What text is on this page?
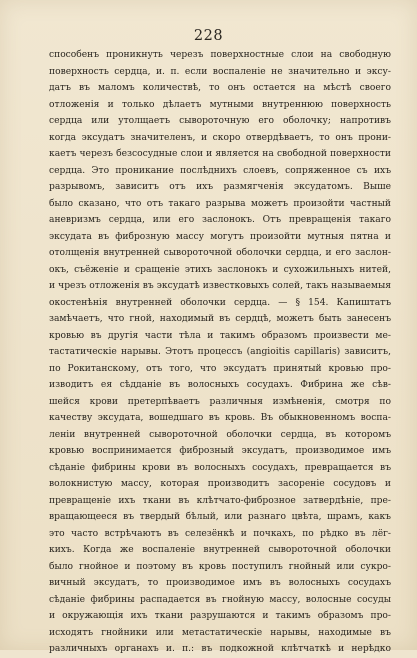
228
способенъ проникнуть черезъ поверхностные слои на свободную
поверхность сердца, и. п. если воспаленіе не значительно и эксу-
датъ въ маломъ количествѣ, то онъ остается на мѣстѣ своего
отложенія и только дѣлаетъ мутными внутреннюю поверхность
сердца или утолщаетъ сывороточную его оболочку; напротивъ
когда эксудатъ значителенъ, и скоро отвердѣваетъ, то онъ прони-
каетъ черезъ безсосудные слои и является на свободной поверхности
сердца. Это проникание послѣднихъ слоевъ, сопряженное съ ихъ
разрывомъ, зависитъ отъ ихъ размягченія эксудатомъ. Выше
было сказано, что отъ такаго разрыва можетъ произойти частный
аневризмъ сердца, или его заслонокъ. Отъ превращенія такаго
эксудата въ фиброзную массу могутъ произойти мутныя пятна и
отолщенія внутренней сывороточной оболочки сердца, и его заслон-
окъ, съёженіе и сращеніе этихъ заслонокъ и сухожильныхъ нитей,
и чрезъ отложенія въ эксудатѣ известковыхъ солей, такъ называемыя
окостенѣнія внутренней оболочки сердца. — § 154. Капиштатъ
замѣчаетъ, что гной, находимый въ сердцѣ, можетъ быть занесенъ
кровью въ другія части тѣла и такимъ образомъ произвести ме-
тастатическіе нарывы. Этотъ процессъ (angioitis capillaris) зависитъ,
по Рокитанскому, отъ того, что эксудатъ принятый кровью про-
изводитъ ея сѣдданіе въ волосныхъ сосудахъ. Фибрина же сѣв-
шейся крови претерпѣваетъ различныя измѣненія, смотря по
качеству эксудата, вошедшаго въ кровь. Въ обыкновенномъ воспа-
леніи внутренней сывороточной оболочки сердца, въ которомъ
кровью воспринимается фиброзный эксудатъ, производимое имъ
сѣданіе фибрины крови въ волосныхъ сосудахъ, превращается въ
волокнистую массу, которая производитъ засореніе сосудовъ и
превращеніе ихъ ткани въ клѣтчато-фиброзное затвердѣніе, пре-
вращающееся въ твердый бѣлый, или разнаго цвѣта, шрамъ, какъ
это часто встрѣчаютъ въ селезёнкѣ и почкахъ, по рѣдко въ лёг-
кихъ. Когда же воспаленіе внутренней сывороточной оболочки
было гнойное и поэтому въ кровь поступилъ гнойный или сукро-
вичный эксудатъ, то производимое имъ въ волосныхъ сосудахъ
сѣданіе фибрины распадается въ гнойную массу, волосные сосуды
и окружающія ихъ ткани разрушаются и такимъ образомъ про-
исходятъ гнойники или метастатическіе нарывы, находимые въ
различныхъ органахъ и. п.: въ подкожной клѣтчаткѣ и нерѣдко
